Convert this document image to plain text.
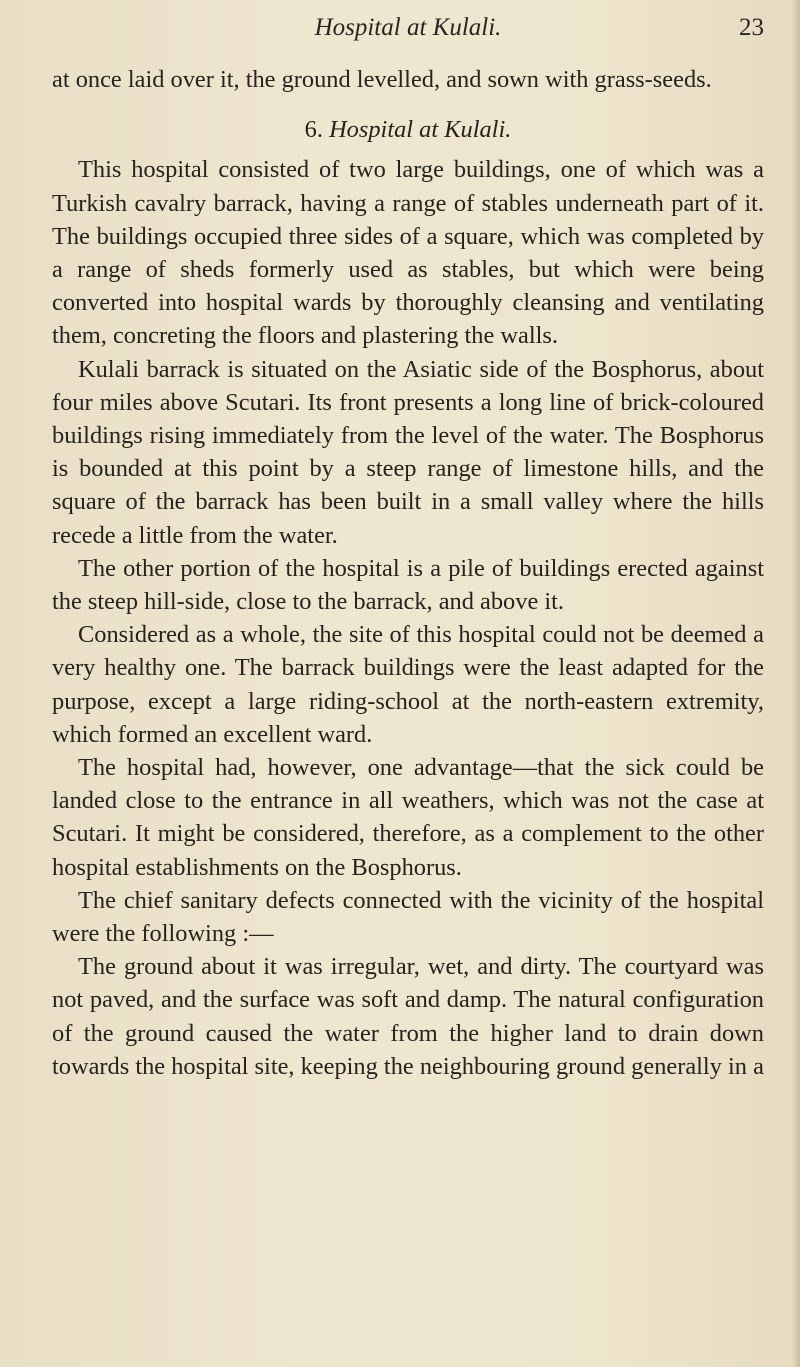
Hospital at Kulali.	23

at once laid over it, the ground levelled, and sown with grass-seeds.

6. Hospital at Kulali.

This hospital consisted of two large buildings, one of which was a Turkish cavalry barrack, having a range of stables underneath part of it. The buildings occupied three sides of a square, which was completed by a range of sheds formerly used as stables, but which were being converted into hospital wards by thoroughly cleansing and ventilating them, concreting the floors and plastering the walls.

Kulali barrack is situated on the Asiatic side of the Bosphorus, about four miles above Scutari. Its front presents a long line of brick-coloured buildings rising immediately from the level of the water. The Bosphorus is bounded at this point by a steep range of limestone hills, and the square of the barrack has been built in a small valley where the hills recede a little from the water.

The other portion of the hospital is a pile of buildings erected against the steep hill-side, close to the barrack, and above it.

Considered as a whole, the site of this hospital could not be deemed a very healthy one. The barrack buildings were the least adapted for the purpose, except a large riding-school at the north-eastern extremity, which formed an excellent ward.

The hospital had, however, one advantage—that the sick could be landed close to the entrance in all weathers, which was not the case at Scutari. It might be considered, therefore, as a complement to the other hospital establishments on the Bosphorus.

The chief sanitary defects connected with the vicinity of the hospital were the following :—

The ground about it was irregular, wet, and dirty. The courtyard was not paved, and the surface was soft and damp. The natural configuration of the ground caused the water from the higher land to drain down towards the hospital site, keeping the neighbouring ground generally in a
